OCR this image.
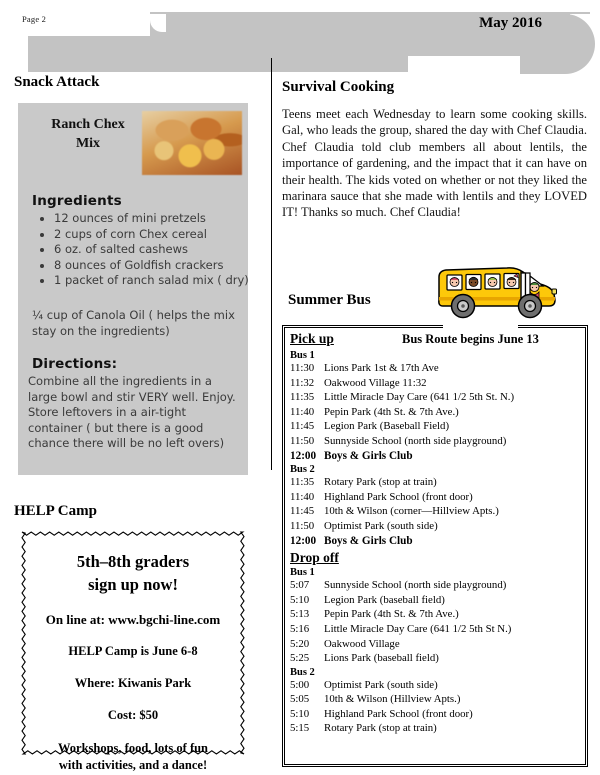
Page 2	May 2016
Snack Attack
Ranch Chex
Mix
Ingredients
• 12 ounces of mini pretzels
• 2 cups of corn Chex cereal
• 6 oz. of salted cashews
• 8 ounces of Goldfish crackers
• 1 packet of ranch salad mix ( dry)
¼ cup of Canola Oil ( helps the mix stay on the ingredients)
Directions:
Combine all the ingredients in a large bowl and stir VERY well. Enjoy. Store leftovers in a air-tight container ( but there is a good chance there will be no left overs)
HELP Camp
5th–8th graders
sign up now!
On line at: www.bgchi-line.com
HELP Camp is June 6-8
Where: Kiwanis Park
Cost: $50
Workshops, food, lots of fun
with activities, and a dance!
Survival Cooking
Teens meet each Wednesday to learn some cooking skills. Gal, who leads the group, shared the day with Chef Claudia. Chef Claudia told club members all about lentils, the importance of gardening, and the impact that it can have on their health. The kids voted on whether or not they liked the marinara sauce that she made with lentils and they LOVED IT! Thanks so much. Chef Claudia!
Summer Bus
Pick up	Bus Route begins June 13
Bus 1
11:30 Lions Park 1st & 17th Ave
11:32 Oakwood Village 11:32
11:35 Little Miracle Day Care (641 1/2 5th St. N.)
11:40 Pepin Park (4th St. & 7th Ave.)
11:45 Legion Park (Baseball Field)
11:50 Sunnyside School (north side playground)
12:00 Boys & Girls Club
Bus 2
11:35 Rotary Park (stop at train)
11:40 Highland Park School (front door)
11:45 10th & Wilson (corner—Hillview Apts.)
11:50 Optimist Park (south side)
12:00 Boys & Girls Club
Drop off
Bus 1
5:07 Sunnyside School (north side playground)
5:10 Legion Park (baseball field)
5:13 Pepin Park (4th St. & 7th Ave.)
5:16 Little Miracle Day Care (641 1/2 5th St N.)
5:20 Oakwood Village
5:25 Lions Park (baseball field)
Bus 2
5:00 Optimist Park (south side)
5:05 10th & Wilson (Hillview Apts.)
5:10 Highland Park School (front door)
5:15 Rotary Park (stop at train)
